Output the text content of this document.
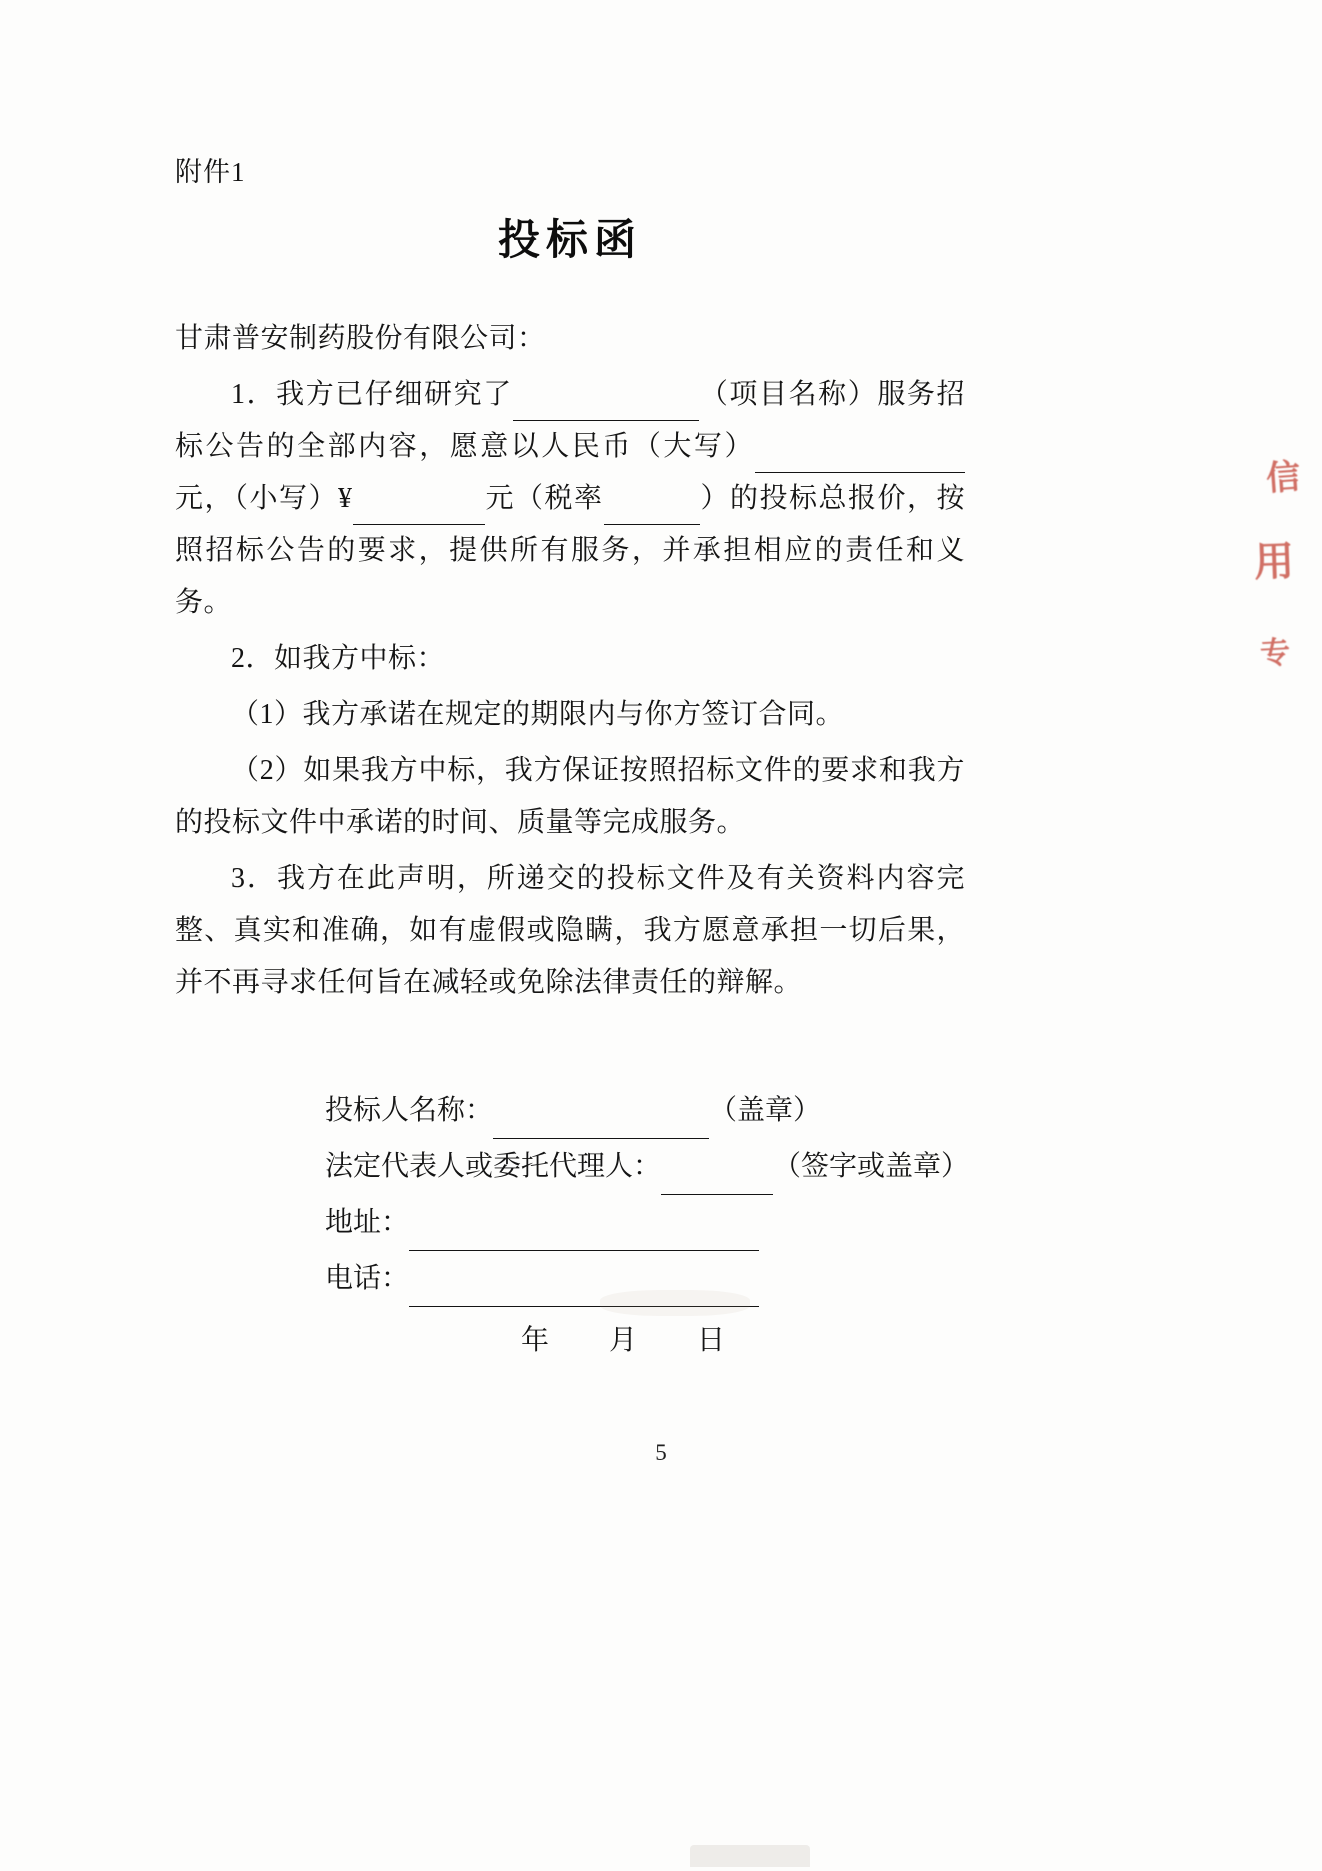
附件1
投标函

甘肃普安制药股份有限公司：

1．我方已仔细研究了	（项目名称）服务招标公告的全部内容，愿意以人民币（大写）元，（小写）¥	元（税率	）的投标总报价，按照招标公告的要求，提供所有服务，并承担相应的责任和义务。

2．如我方中标：

（1）我方承诺在规定的期限内与你方签订合同。

（2）如果我方中标，我方保证按照招标文件的要求和我方的投标文件中承诺的时间、质量等完成服务。

3．我方在此声明，所递交的投标文件及有关资料内容完整、真实和准确，如有虚假或隐瞒，我方愿意承担一切后果，并不再寻求任何旨在减轻或免除法律责任的辩解。

投标人名称：	（盖章）
法定代表人或委托代理人：	（签字或盖章）
地址：
电话：
年 月 日
信
用
专
5
